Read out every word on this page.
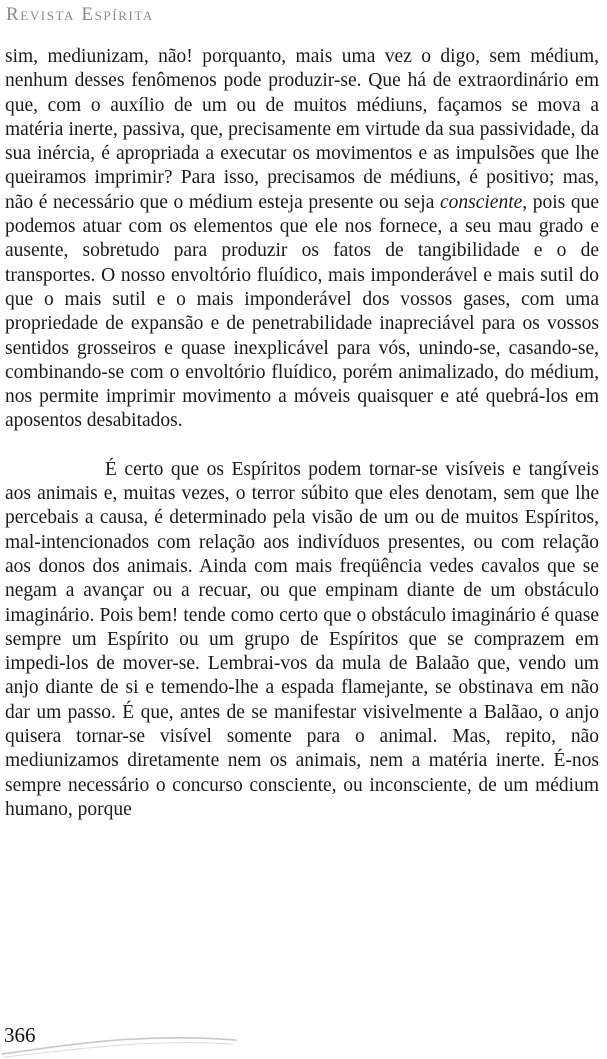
Revista Espírita

sim, mediunizam, não! porquanto, mais uma vez o digo, sem médium, nenhum desses fenômenos pode produzir-se. Que há de extraordinário em que, com o auxílio de um ou de muitos médiuns, façamos se mova a matéria inerte, passiva, que, precisamente em virtude da sua passividade, da sua inércia, é apropriada a executar os movimentos e as impulsões que lhe queiramos imprimir? Para isso, precisamos de médiuns, é positivo; mas, não é necessário que o médium esteja presente ou seja consciente, pois que podemos atuar com os elementos que ele nos fornece, a seu mau grado e ausente, sobretudo para produzir os fatos de tangibilidade e o de transportes. O nosso envoltório fluídico, mais imponderável e mais sutil do que o mais sutil e o mais imponderável dos vossos gases, com uma propriedade de expansão e de penetrabilidade inapreciável para os vossos sentidos grosseiros e quase inexplicável para vós, unindo-se, casando-se, combinando-se com o envoltório fluídico, porém animalizado, do médium, nos permite imprimir movimento a móveis quaisquer e até quebrá-los em aposentos desabitados.

É certo que os Espíritos podem tornar-se visíveis e tangíveis aos animais e, muitas vezes, o terror súbito que eles denotam, sem que lhe percebais a causa, é determinado pela visão de um ou de muitos Espíritos, mal-intencionados com relação aos indivíduos presentes, ou com relação aos donos dos animais. Ainda com mais freqüência vedes cavalos que se negam a avançar ou a recuar, ou que empinam diante de um obstáculo imaginário. Pois bem! tende como certo que o obstáculo imaginário é quase sempre um Espírito ou um grupo de Espíritos que se comprazem em impedi-los de mover-se. Lembrai-vos da mula de Balaão que, vendo um anjo diante de si e temendo-lhe a espada flamejante, se obstinava em não dar um passo. É que, antes de se manifestar visivelmente a Balãao, o anjo quisera tornar-se visível somente para o animal. Mas, repito, não mediunizamos diretamente nem os animais, nem a matéria inerte. É-nos sempre necessário o concurso consciente, ou inconsciente, de um médium humano, porque

366
